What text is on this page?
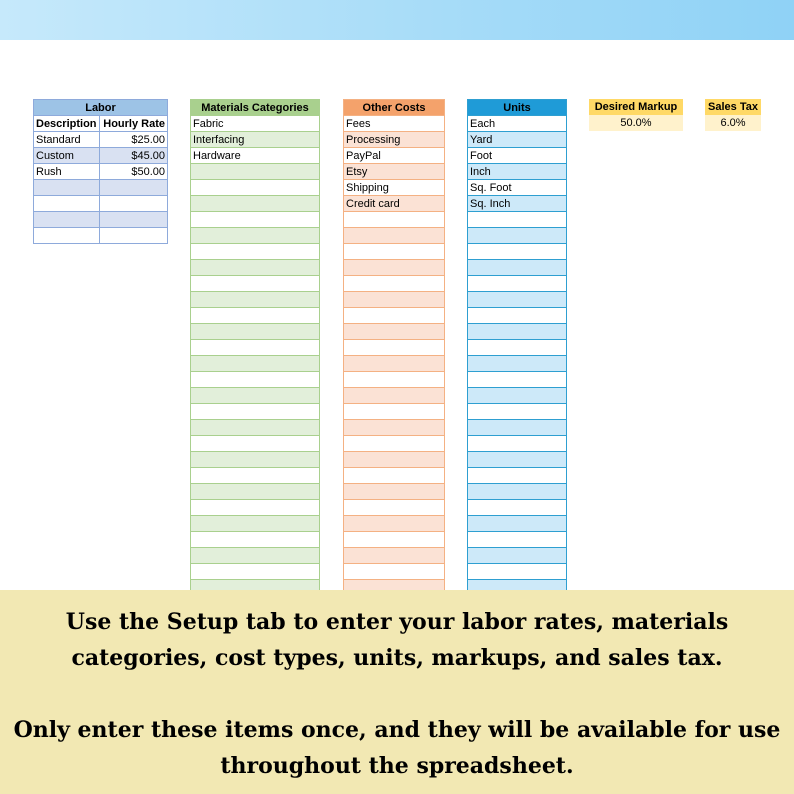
Labor	
Description	Hourly Rate
Standard	$25.00
Custom	$45.00
Rush	$50.00

Materials Categories
Fabric
Interfacing
Hardware

Other Costs
Fees
Processing
PayPal
Etsy
Shipping
Credit card

Units
Each
Yard
Foot
Inch
Sq. Foot
Sq. Inch

Desired Markup
50.0%
Sales Tax
6.0%

Use the Setup tab to enter your labor rates, materials categories, cost types, units, markups, and sales tax.

Only enter these items once, and they will be available for use throughout the spreadsheet.
